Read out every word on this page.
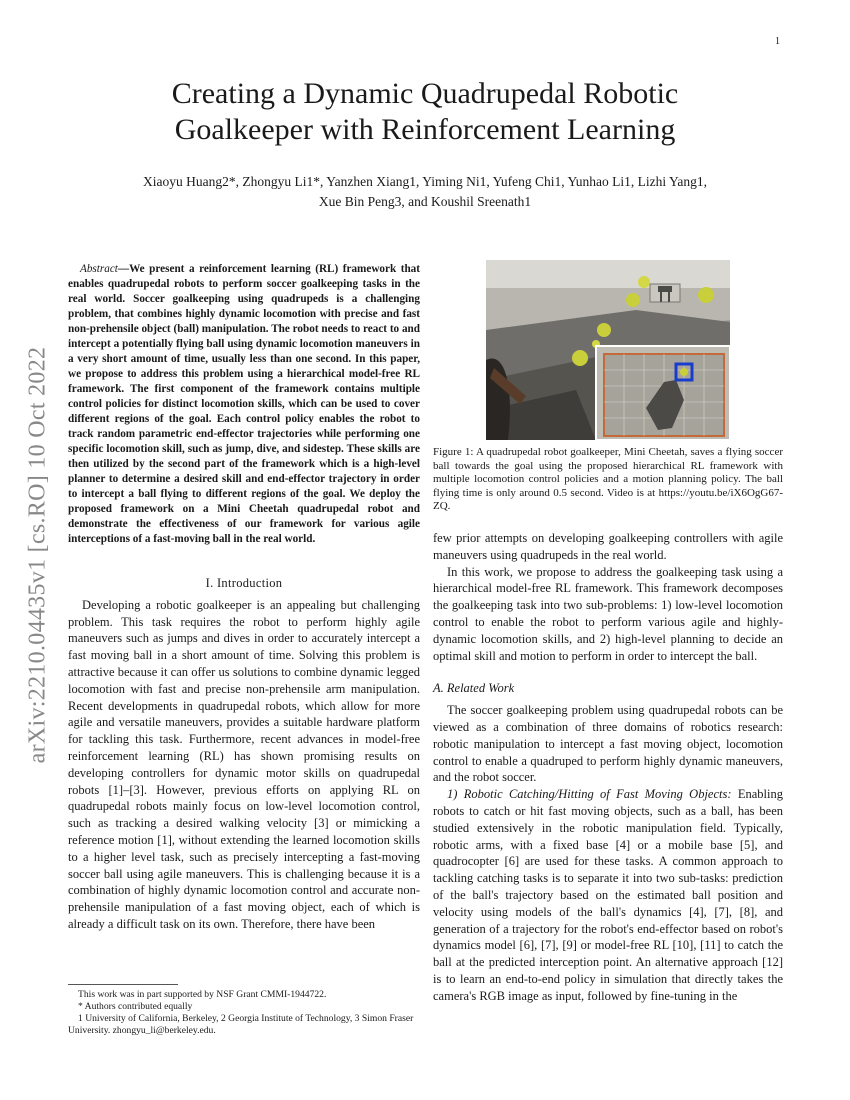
1
arXiv:2210.04435v1 [cs.RO] 10 Oct 2022
Creating a Dynamic Quadrupedal Robotic
Goalkeeper with Reinforcement Learning
Xiaoyu Huang2*, Zhongyu Li1*, Yanzhen Xiang1, Yiming Ni1, Yufeng Chi1, Yunhao Li1, Lizhi Yang1,
Xue Bin Peng3, and Koushil Sreenath1

Abstract—We present a reinforcement learning (RL) framework that enables quadrupedal robots to perform soccer goalkeeping tasks in the real world. Soccer goalkeeping using quadrupeds is a challenging problem, that combines highly dynamic locomotion with precise and fast non-prehensile object (ball) manipulation. The robot needs to react to and intercept a potentially flying ball using dynamic locomotion maneuvers in a very short amount of time, usually less than one second. In this paper, we propose to address this problem using a hierarchical model-free RL framework. The first component of the framework contains multiple control policies for distinct locomotion skills, which can be used to cover different regions of the goal. Each control policy enables the robot to track random parametric end-effector trajectories while performing one specific locomotion skill, such as jump, dive, and sidestep. These skills are then utilized by the second part of the framework which is a high-level planner to determine a desired skill and end-effector trajectory in order to intercept a ball flying to different regions of the goal. We deploy the proposed framework on a Mini Cheetah quadrupedal robot and demonstrate the effectiveness of our framework for various agile interceptions of a fast-moving ball in the real world.

I. Introduction

Developing a robotic goalkeeper is an appealing but challenging problem. This task requires the robot to perform highly agile maneuvers such as jumps and dives in order to accurately intercept a fast moving ball in a short amount of time. Solving this problem is attractive because it can offer us solutions to combine dynamic legged locomotion with fast and precise non-prehensile arm manipulation. Recent developments in quadrupedal robots, which allow for more agile and versatile maneuvers, provides a suitable hardware platform for tackling this task. Furthermore, recent advances in model-free reinforcement learning (RL) has shown promising results on developing controllers for dynamic motor skills on quadrupedal robots [1]–[3]. However, previous efforts on applying RL on quadrupedal robots mainly focus on low-level locomotion control, such as tracking a desired walking velocity [3] or mimicking a reference motion [1], without extending the learned locomotion skills to a higher level task, such as precisely intercepting a fast-moving soccer ball using agile maneuvers. This is challenging because it is a combination of highly dynamic locomotion control and accurate non-prehensile manipulation of a fast moving object, each of which is already a difficult task on its own. Therefore, there have been

This work was in part supported by NSF Grant CMMI-1944722.

* Authors contributed equally

1 University of California, Berkeley, 2 Georgia Institute of Technology, 3 Simon Fraser University. zhongyu_li@berkeley.edu.

Figure 1: A quadrupedal robot goalkeeper, Mini Cheetah, saves a flying soccer ball towards the goal using the proposed hierarchical RL framework with multiple locomotion control policies and a motion planning policy. The ball flying time is only around 0.5 second. Video is at https://youtu.be/iX6OgG67-ZQ.

few prior attempts on developing goalkeeping controllers with agile maneuvers using quadrupeds in the real world.

In this work, we propose to address the goalkeeping task using a hierarchical model-free RL framework. This framework decomposes the goalkeeping task into two sub-problems: 1) low-level locomotion control to enable the robot to perform various agile and highly-dynamic locomotion skills, and 2) high-level planning to decide an optimal skill and motion to perform in order to intercept the ball.

A. Related Work

The soccer goalkeeping problem using quadrupedal robots can be viewed as a combination of three domains of robotics research: robotic manipulation to intercept a fast moving object, locomotion control to enable a quadruped to perform highly dynamic maneuvers, and the robot soccer.

1) Robotic Catching/Hitting of Fast Moving Objects: Enabling robots to catch or hit fast moving objects, such as a ball, has been studied extensively in the robotic manipulation field. Typically, robotic arms, with a fixed base [4] or a mobile base [5], and quadrocopter [6] are used for these tasks. A common approach to tackling catching tasks is to separate it into two sub-tasks: prediction of the ball's trajectory based on the estimated ball position and velocity using models of the ball's dynamics [4], [7], [8], and generation of a trajectory for the robot's end-effector based on robot's dynamics model [6], [7], [9] or model-free RL [10], [11] to catch the ball at the predicted interception point. An alternative approach [12] is to learn an end-to-end policy in simulation that directly takes the camera's RGB image as input, followed by fine-tuning in the
